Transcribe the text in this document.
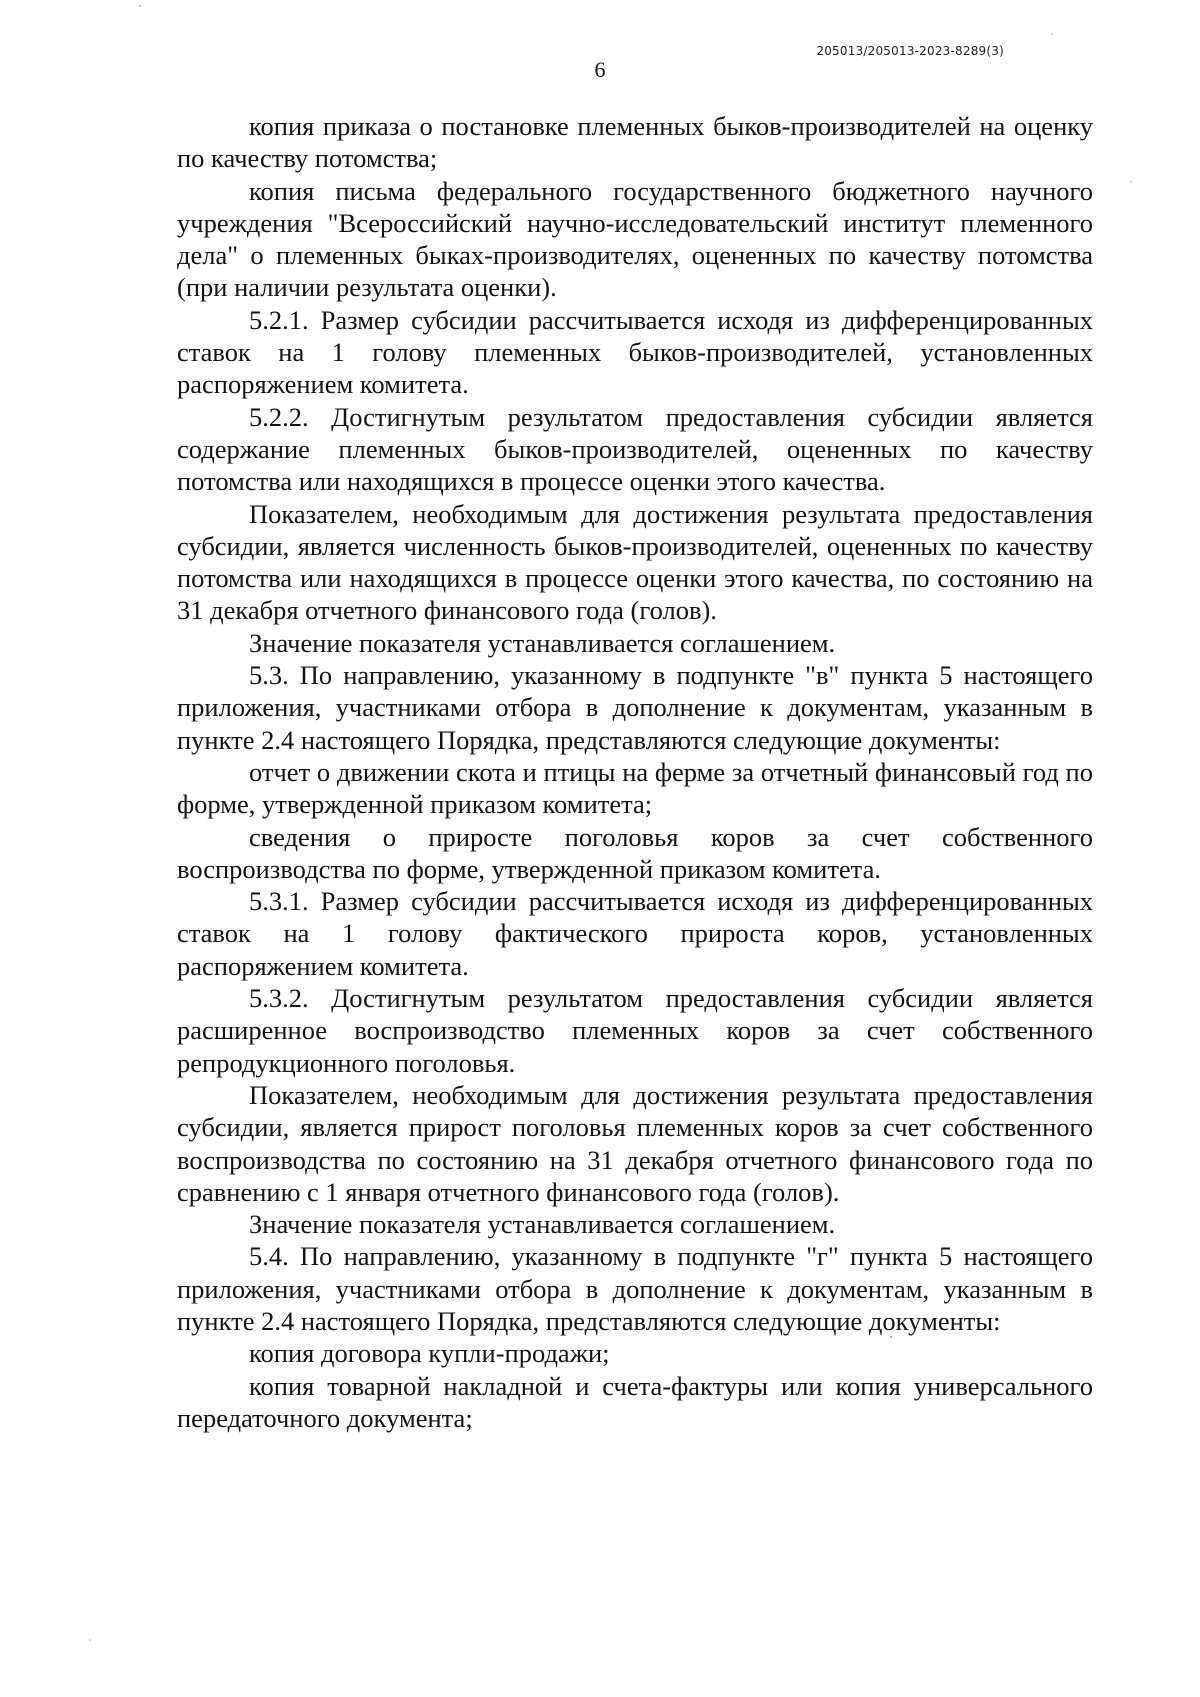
205013/205013-2023-8289(3)
6

копия приказа о постановке племенных быков-производителей на оценку по качеству потомства;

копия письма федерального государственного бюджетного научного учреждения "Всероссийский научно-исследовательский институт племенного дела" о племенных быках-производителях, оцененных по качеству потомства (при наличии результата оценки).

5.2.1. Размер субсидии рассчитывается исходя из дифференцированных ставок на 1 голову племенных быков-производителей, установленных распоряжением комитета.

5.2.2. Достигнутым результатом предоставления субсидии является содержание племенных быков-производителей, оцененных по качеству потомства или находящихся в процессе оценки этого качества.

Показателем, необходимым для достижения результата предоставления субсидии, является численность быков-производителей, оцененных по качеству потомства или находящихся в процессе оценки этого качества, по состоянию на 31 декабря отчетного финансового года (голов).

Значение показателя устанавливается соглашением.

5.3. По направлению, указанному в подпункте "в" пункта 5 настоящего приложения, участниками отбора в дополнение к документам, указанным в пункте 2.4 настоящего Порядка, представляются следующие документы:

отчет о движении скота и птицы на ферме за отчетный финансовый год по форме, утвержденной приказом комитета;

сведения о приросте поголовья коров за счет собственного воспроизводства по форме, утвержденной приказом комитета.

5.3.1. Размер субсидии рассчитывается исходя из дифференцированных ставок на 1 голову фактического прироста коров, установленных распоряжением комитета.

5.3.2. Достигнутым результатом предоставления субсидии является расширенное воспроизводство племенных коров за счет собственного репродукционного поголовья.

Показателем, необходимым для достижения результата предоставления субсидии, является прирост поголовья племенных коров за счет собственного воспроизводства по состоянию на 31 декабря отчетного финансового года по сравнению с 1 января отчетного финансового года (голов).

Значение показателя устанавливается соглашением.

5.4. По направлению, указанному в подпункте "г" пункта 5 настоящего приложения, участниками отбора в дополнение к документам, указанным в пункте 2.4 настоящего Порядка, представляются следующие документы:

копия договора купли-продажи;

копия товарной накладной и счета-фактуры или копия универсального передаточного документа;
